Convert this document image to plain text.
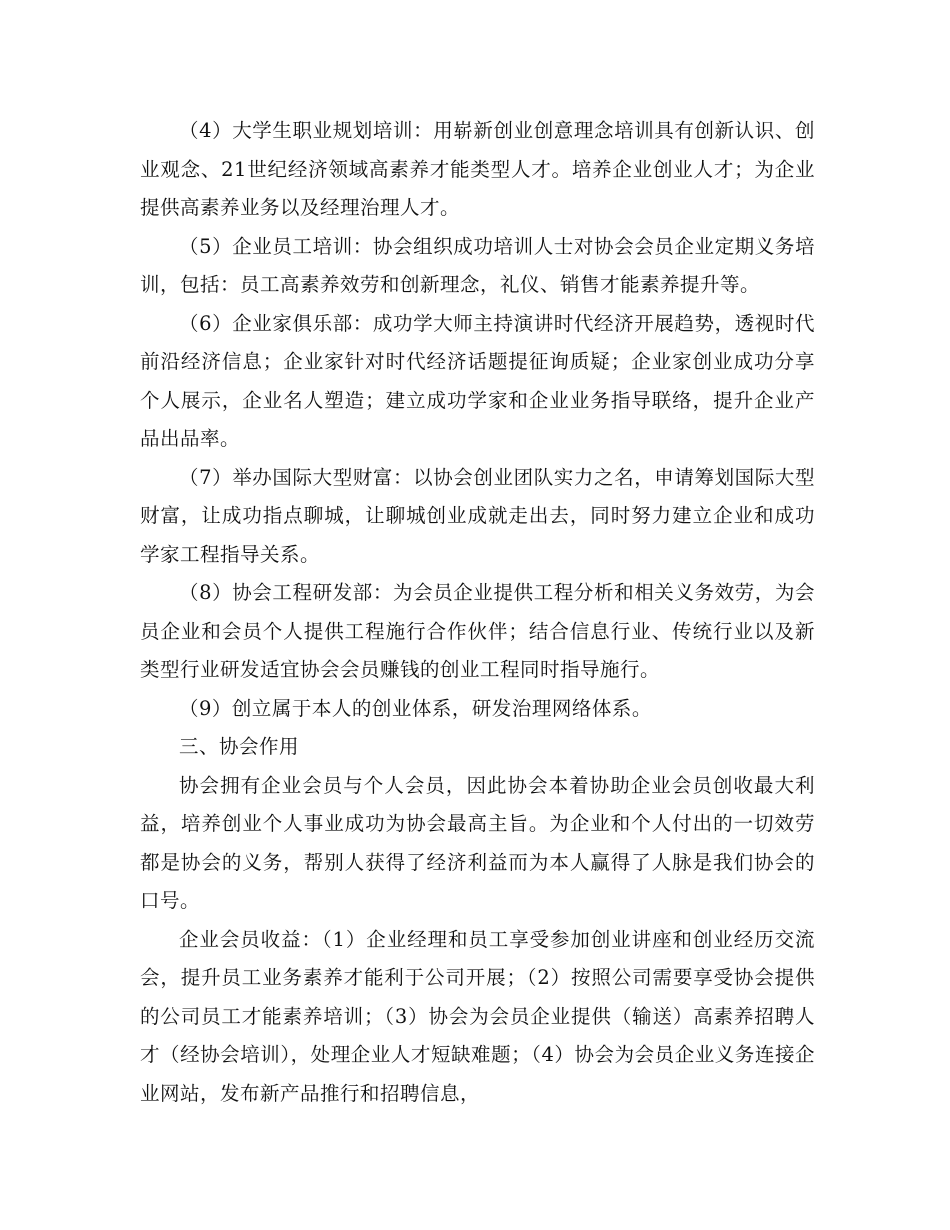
（4）大学生职业规划培训：用崭新创业创意理念培训具有创新认识、创业观念、21世纪经济领域高素养才能类型人才。培养企业创业人才；为企业提供高素养业务以及经理治理人才。

（5）企业员工培训：协会组织成功培训人士对协会会员企业定期义务培训，包括：员工高素养效劳和创新理念，礼仪、销售才能素养提升等。

（6）企业家俱乐部：成功学大师主持演讲时代经济开展趋势，透视时代前沿经济信息；企业家针对时代经济话题提征询质疑；企业家创业成功分享个人展示，企业名人塑造；建立成功学家和企业业务指导联络，提升企业产品出品率。

（7）举办国际大型财富：以协会创业团队实力之名，申请筹划国际大型财富，让成功指点聊城，让聊城创业成就走出去，同时努力建立企业和成功学家工程指导关系。

（8）协会工程研发部：为会员企业提供工程分析和相关义务效劳，为会员企业和会员个人提供工程施行合作伙伴；结合信息行业、传统行业以及新类型行业研发适宜协会会员赚钱的创业工程同时指导施行。

（9）创立属于本人的创业体系，研发治理网络体系。

三、协会作用

协会拥有企业会员与个人会员，因此协会本着协助企业会员创收最大利益，培养创业个人事业成功为协会最高主旨。为企业和个人付出的一切效劳都是协会的义务，帮别人获得了经济利益而为本人赢得了人脉是我们协会的口号。

企业会员收益：（1）企业经理和员工享受参加创业讲座和创业经历交流会，提升员工业务素养才能利于公司开展；（2）按照公司需要享受协会提供的公司员工才能素养培训；（3）协会为会员企业提供（输送）高素养招聘人才（经协会培训），处理企业人才短缺难题；（4）协会为会员企业义务连接企业网站，发布新产品推行和招聘信息，
